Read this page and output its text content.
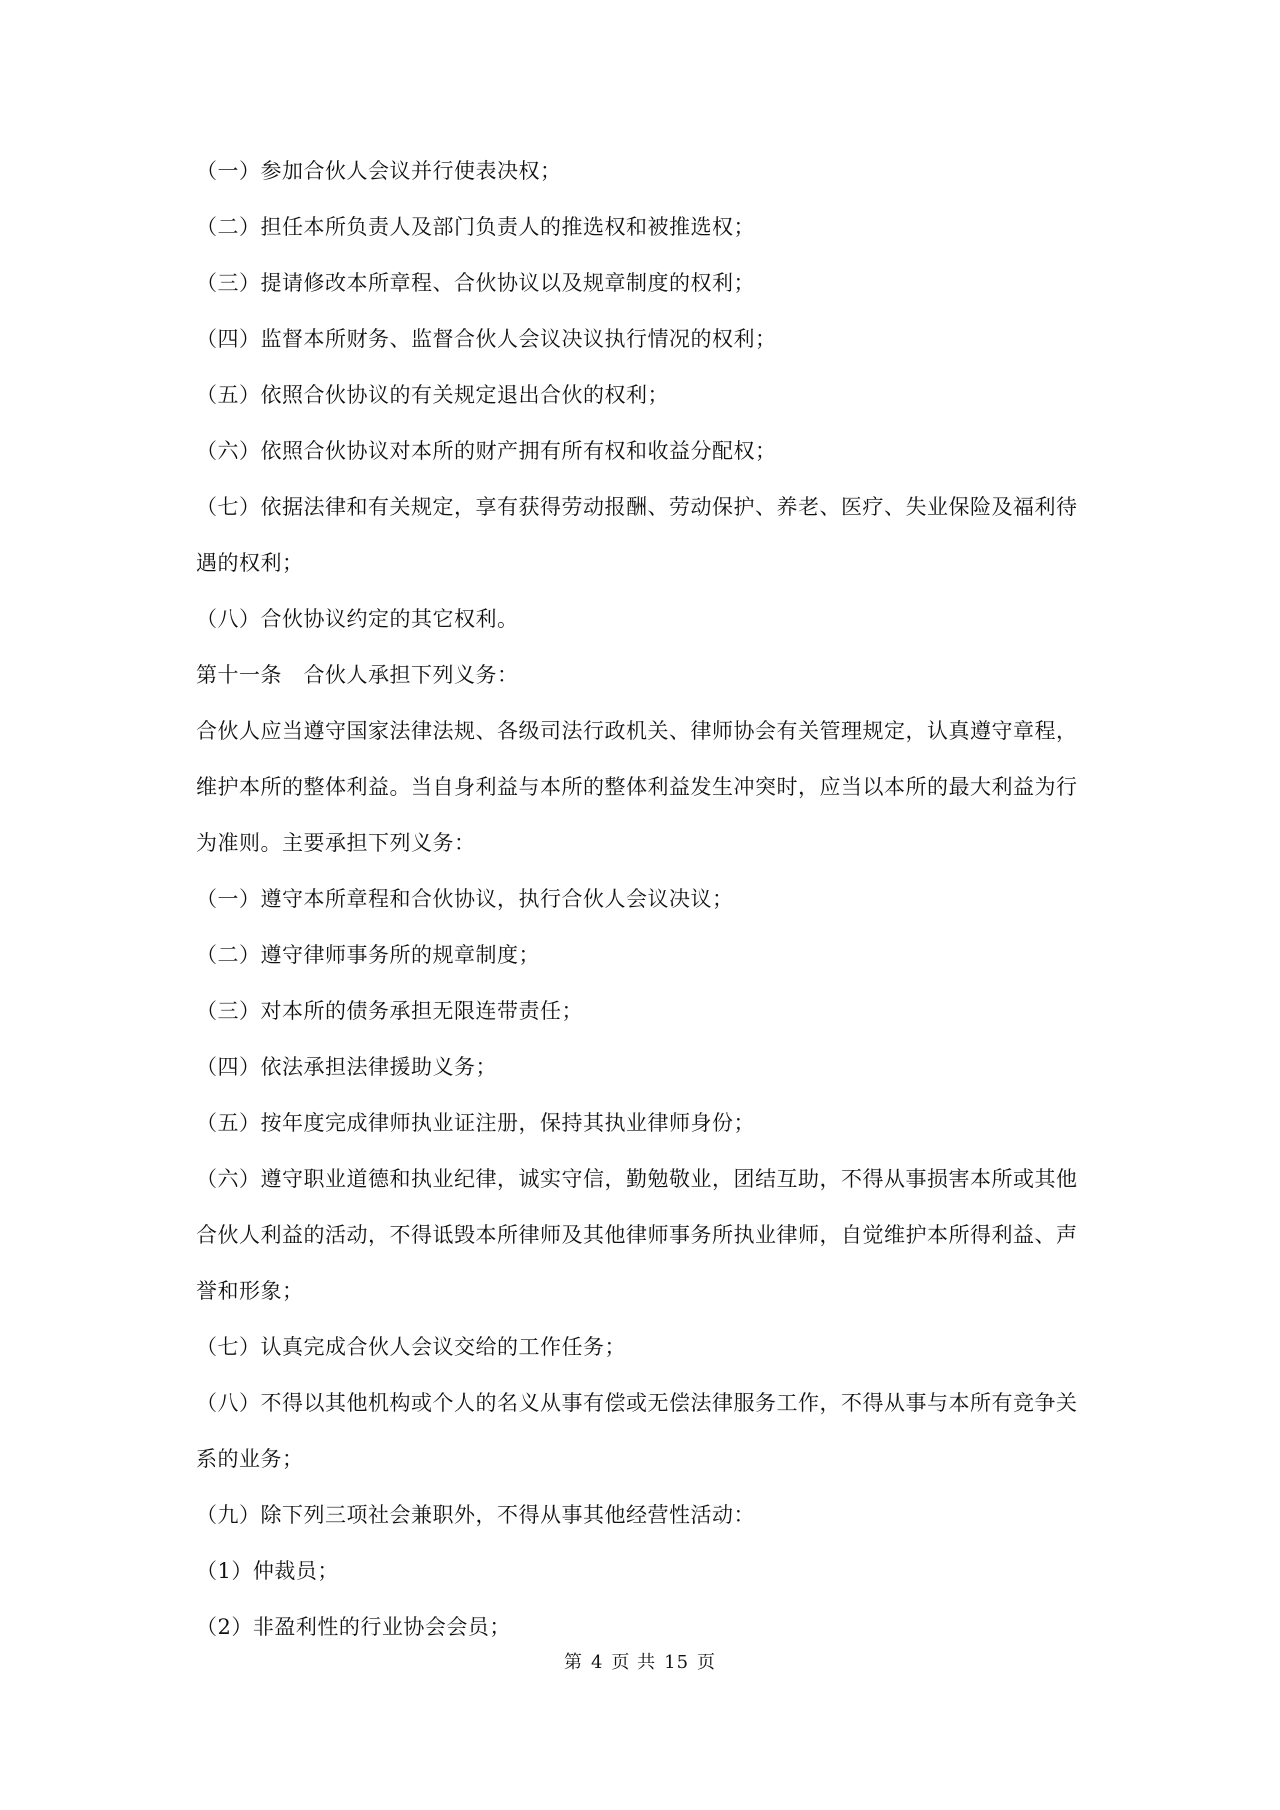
（一）参加合伙人会议并行使表决权；
（二）担任本所负责人及部门负责人的推选权和被推选权；
（三）提请修改本所章程、合伙协议以及规章制度的权利；
（四）监督本所财务、监督合伙人会议决议执行情况的权利；
（五）依照合伙协议的有关规定退出合伙的权利；
（六）依照合伙协议对本所的财产拥有所有权和收益分配权；
（七）依据法律和有关规定，享有获得劳动报酬、劳动保护、养老、医疗、失业保险及福利待
遇的权利；
（八）合伙协议约定的其它权利。
第十一条　合伙人承担下列义务：
合伙人应当遵守国家法律法规、各级司法行政机关、律师协会有关管理规定，认真遵守章程，
维护本所的整体利益。当自身利益与本所的整体利益发生冲突时，应当以本所的最大利益为行
为准则。主要承担下列义务：
（一）遵守本所章程和合伙协议，执行合伙人会议决议；
（二）遵守律师事务所的规章制度；
（三）对本所的债务承担无限连带责任；
（四）依法承担法律援助义务；
（五）按年度完成律师执业证注册，保持其执业律师身份；
（六）遵守职业道德和执业纪律，诚实守信，勤勉敬业，团结互助，不得从事损害本所或其他
合伙人利益的活动，不得诋毁本所律师及其他律师事务所执业律师，自觉维护本所得利益、声
誉和形象；
（七）认真完成合伙人会议交给的工作任务；
（八）不得以其他机构或个人的名义从事有偿或无偿法律服务工作，不得从事与本所有竞争关
系的业务；
（九）除下列三项社会兼职外，不得从事其他经营性活动：
（1）仲裁员；
（2）非盈利性的行业协会会员；
第 4 页 共 15 页
